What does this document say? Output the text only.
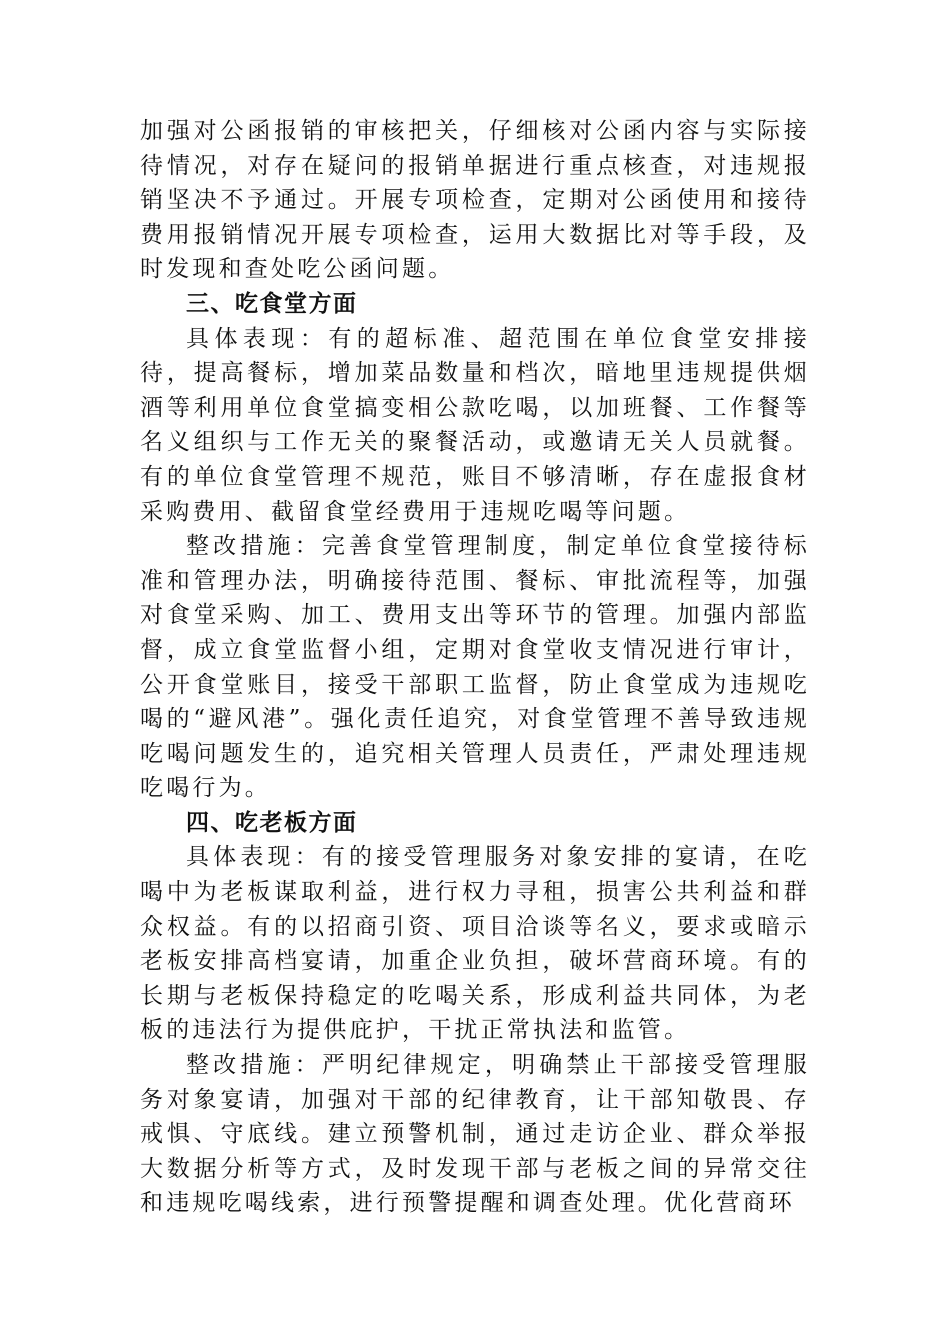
加强对公函报销的审核把关，仔细核对公函内容与实际接待情况，对存在疑问的报销单据进行重点核查，对违规报销坚决不予通过。开展专项检查，定期对公函使用和接待费用报销情况开展专项检查，运用大数据比对等手段，及时发现和查处吃公函问题。

三、吃食堂方面

具体表现：有的超标准、超范围在单位食堂安排接待，提高餐标，增加菜品数量和档次，暗地里违规提供烟酒等利用单位食堂搞变相公款吃喝，以加班餐、工作餐等名义组织与工作无关的聚餐活动，或邀请无关人员就餐。有的单位食堂管理不规范，账目不够清晰，存在虚报食材采购费用、截留食堂经费用于违规吃喝等问题。

整改措施：完善食堂管理制度，制定单位食堂接待标准和管理办法，明确接待范围、餐标、审批流程等，加强对食堂采购、加工、费用支出等环节的管理。加强内部监督，成立食堂监督小组，定期对食堂收支情况进行审计，公开食堂账目，接受干部职工监督，防止食堂成为违规吃喝的“避风港”。强化责任追究，对食堂管理不善导致违规吃喝问题发生的，追究相关管理人员责任，严肃处理违规吃喝行为。

四、吃老板方面

具体表现：有的接受管理服务对象安排的宴请，在吃喝中为老板谋取利益，进行权力寻租，损害公共利益和群众权益。有的以招商引资、项目洽谈等名义，要求或暗示老板安排高档宴请，加重企业负担，破坏营商环境。有的长期与老板保持稳定的吃喝关系，形成利益共同体，为老板的违法行为提供庇护，干扰正常执法和监管。

整改措施：严明纪律规定，明确禁止干部接受管理服务对象宴请，加强对干部的纪律教育，让干部知敬畏、存戒惧、守底线。建立预警机制，通过走访企业、群众举报大数据分析等方式，及时发现干部与老板之间的异常交往和违规吃喝线索，进行预警提醒和调查处理。优化营商环
